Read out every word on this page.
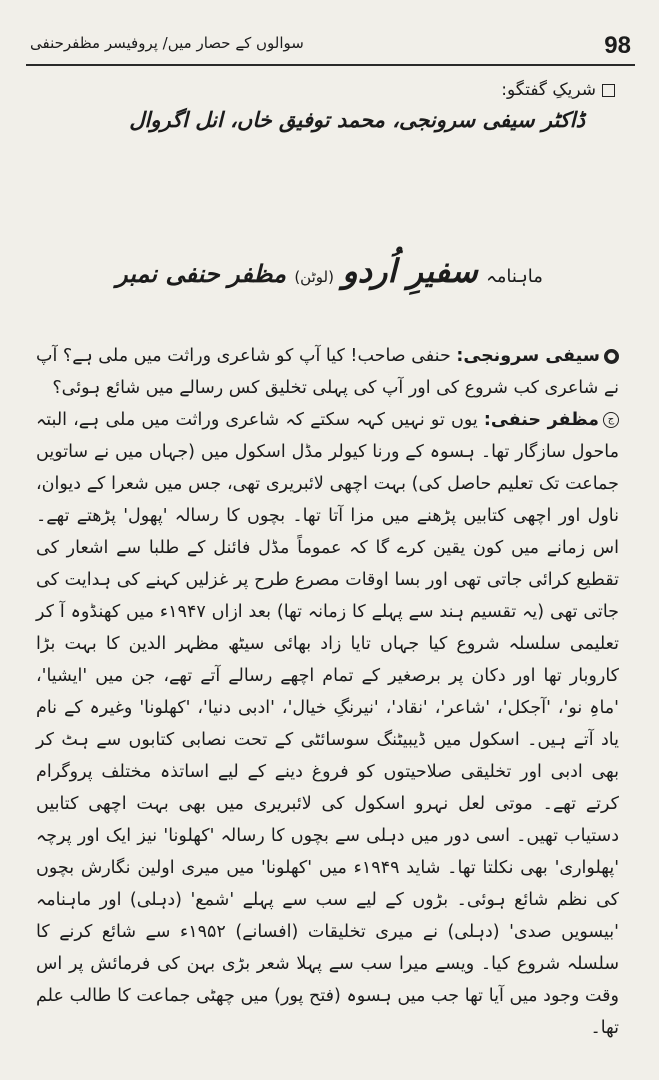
98
سوالوں کے حصار میں/ پروفیسر مظفرحنفی
شریکِ گفتگو:
ڈاکٹر سیفی سرونجی، محمد توفیق خاں، انل اگروال
ماہنامہ سفیرِ اُردو (لوٹن) مظفر حنفی نمبر

●سیفی سرونجی: حنفی صاحب! کیا آپ کو شاعری وراثت میں ملی ہے؟ آپ نے شاعری کب شروع کی اور آپ کی پہلی تخلیق کس رسالے میں شائع ہوئی؟

جمظفر حنفی: یوں تو نہیں کہہ سکتے کہ شاعری وراثت میں ملی ہے، البتہ ماحول سازگار تھا۔ ہسوہ کے ورنا کیولر مڈل اسکول میں (جہاں میں نے ساتویں جماعت تک تعلیم حاصل کی) بہت اچھی لائبریری تھی، جس میں شعرا کے دیوان، ناول اور اچھی کتابیں پڑھنے میں مزا آتا تھا۔ بچوں کا رسالہ 'پھول' پڑھتے تھے۔ اس زمانے میں کون یقین کرے گا کہ عموماً مڈل فائنل کے طلبا سے اشعار کی تقطیع کرائی جاتی تھی اور بسا اوقات مصرع طرح پر غزلیں کہنے کی ہدایت کی جاتی تھی (یہ تقسیم ہند سے پہلے کا زمانہ تھا) بعد ازاں ۱۹۴۷ء میں کھنڈوہ آ کر تعلیمی سلسلہ شروع کیا جہاں تایا زاد بھائی سیٹھ مظہر الدین کا بہت بڑا کاروبار تھا اور دکان پر برصغیر کے تمام اچھے رسالے آتے تھے، جن میں 'ایشیا'، 'ماہِ نو'، 'آجکل'، 'شاعر'، 'نقاد'، 'نیرنگِ خیال'، 'ادبی دنیا'، 'کھلونا' وغیرہ کے نام یاد آتے ہیں۔ اسکول میں ڈیبیٹنگ سوسائٹی کے تحت نصابی کتابوں سے ہٹ کر بھی ادبی اور تخلیقی صلاحیتوں کو فروغ دینے کے لیے اساتذہ مختلف پروگرام کرتے تھے۔ موتی لعل نہرو اسکول کی لائبریری میں بھی بہت اچھی کتابیں دستیاب تھیں۔ اسی دور میں دہلی سے بچوں کا رسالہ 'کھلونا' نیز ایک اور پرچہ 'پھلواری' بھی نکلتا تھا۔ شاید ۱۹۴۹ء میں 'کھلونا' میں میری اولین نگارش بچوں کی نظم شائع ہوئی۔ بڑوں کے لیے سب سے پہلے 'شمع' (دہلی) اور ماہنامہ 'بیسویں صدی' (دہلی) نے میری تخلیقات (افسانے) ۱۹۵۲ء سے شائع کرنے کا سلسلہ شروع کیا۔ ویسے میرا سب سے پہلا شعر بڑی بہن کی فرمائش پر اس وقت وجود میں آیا تھا جب میں ہسوہ (فتح پور) میں چھٹی جماعت کا طالب علم تھا۔
